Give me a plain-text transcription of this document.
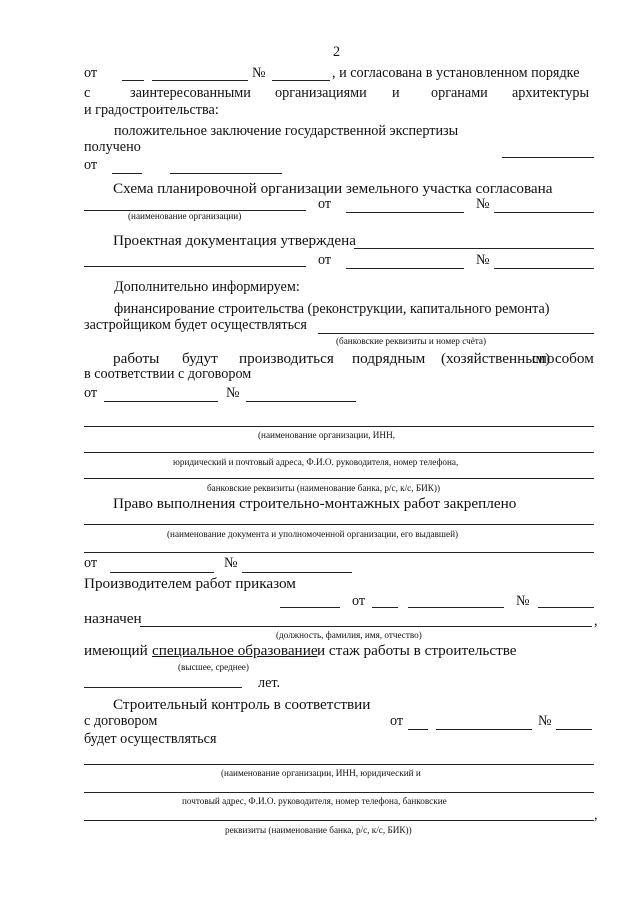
2
от	№	, и согласована в установленном порядке
с	заинтересованными организациями и органами архитектуры
и градостроительства:
положительное заключение государственной экспертизы
получено
от
Схема планировочной организации земельного участка согласована
от	№
(наименование организации)
Проектная документация утверждена
от	№
Дополнительно информируем:
финансирование строительства (реконструкции, капитального ремонта)
застройщиком будет осуществляться
(банковские реквизиты и номер счёта)
работы будут производиться подрядным (хозяйственным)
способом
в соответствии с договором
от	№
(наименование организации, ИНН,
юридический и почтовый адреса, Ф.И.О. руководителя, номер телефона,
банковские реквизиты (наименование банка, р/с, к/с, БИК))
Право выполнения строительно-монтажных работ закреплено
(наименование документа и уполномоченной организации, его выдавшей)
от	№
Производителем работ приказом
от	№
назначен	,
(должность, фамилия, имя, отчество)
имеющий специальное образование и стаж работы в строительстве
(высшее, среднее)
лет.
Строительный контроль в соответствии
с договором	от	№
будет осуществляться
(наименование организации, ИНН, юридический и
почтовый адрес, Ф.И.О. руководителя, номер телефона, банковские
,
реквизиты (наименование банка, р/с, к/с, БИК))
